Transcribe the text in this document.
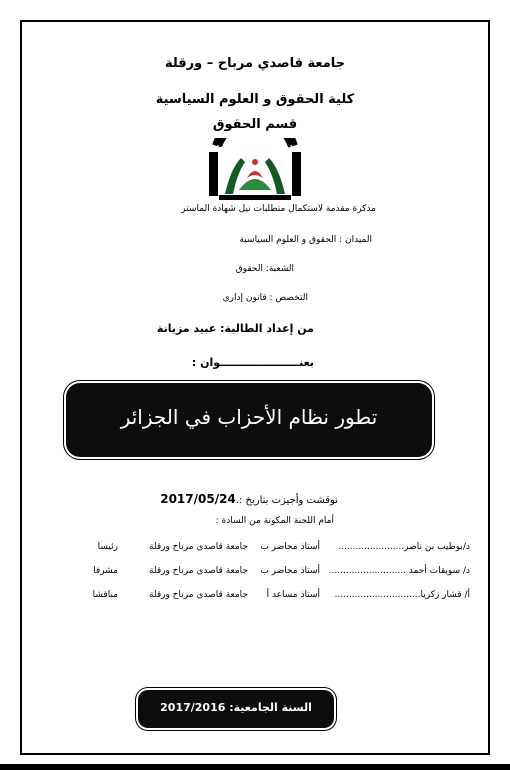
جامعة قاصدي مرباح – ورقلة
كلية الحقوق و العلوم السياسية
قسم الحقوق
جامعة قاصدي مرباح ورقلة
مذكرة مقدمة لاستكمال متطلبات نيل شهادة الماستر
الميدان : الحقوق و العلوم السياسية
الشعبة: الحقوق
التخصص : قانون إداري
من إعداد الطالبة: عبيد مزيانة
بعنـــــــــــــــــــــوان :
تطور نظام الأحزاب في الجزائر
نوقشت وأجيزت بتاريخ :.2017/05/24
أمام اللجنة المكونة من السادة :
د/بوطيب بن ناصر.......................
أستاذ محاضر ب
جامعة قاصدي مرباح ورقلة
رئيسا
د/ سويقات أحمد ...........................
أستاذ محاضر ب
جامعة قاصدي مرباح ورقلة
مشرفا
أ/ قشار زكريا..............................
أستاذ مساعد أ
جامعة قاصدي مرباح ورقلة
مناقشا
السنة الجامعية: 2017/2016
